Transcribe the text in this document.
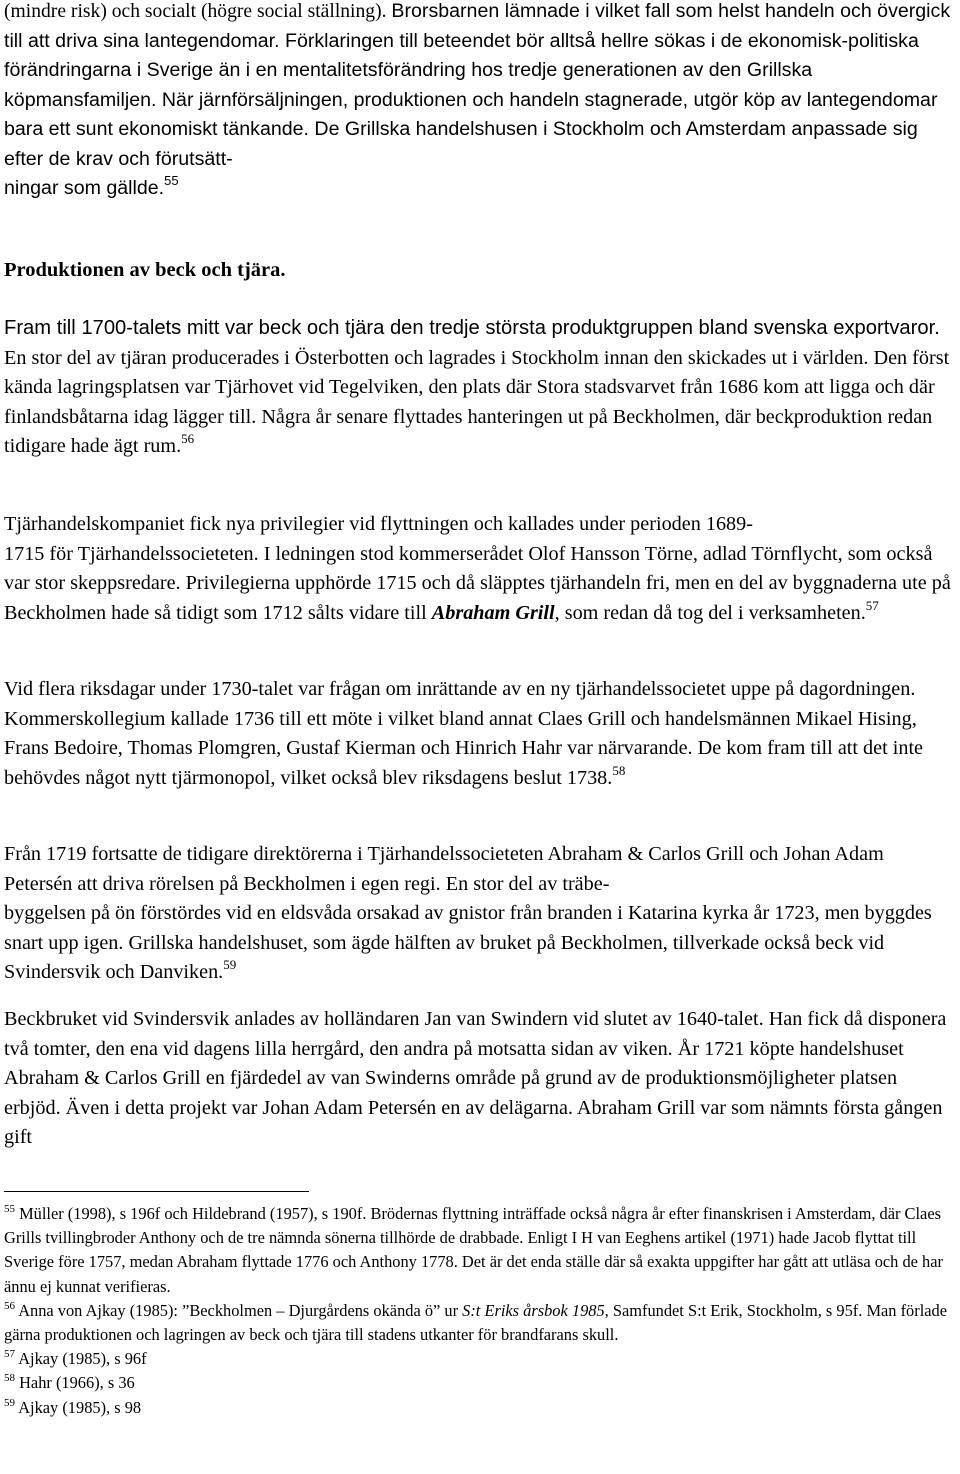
(mindre risk) och socialt (högre social ställning). Brorsbarnen lämnade i vilket fall som helst handeln och övergick till att driva sina lantegendomar. Förklaringen till beteendet bör alltså hellre sökas i de ekonomisk-politiska förändringarna i Sverige än i en mentalitetsförändring hos tredje generationen av den Grillska köpmansfamiljen. När järnförsäljningen, produktionen och handeln stagnerade, utgör köp av lantegendomar bara ett sunt ekonomiskt tänkande. De Grillska handelshusen i Stockholm och Amsterdam anpassade sig efter de krav och förutsätt-
ningar som gällde.$^{55}$

Produktionen av beck och tjära.

Fram till 1700-talets mitt var beck och tjära den tredje största produktgruppen bland svenska exportvaror. En stor del av tjäran producerades i Österbotten och lagrades i Stockholm innan den skickades ut i världen. Den först kända lagringsplatsen var Tjärhovet vid Tegelviken, den plats där Stora stadsvarvet från 1686 kom att ligga och där finlandsbåtarna idag lägger till. Några år senare flyttades hanteringen ut på Beckholmen, där beckproduktion redan tidigare hade ägt rum.$^{56}$

Tjärhandelskompaniet fick nya privilegier vid flyttningen och kallades under perioden 1689-
1715 för Tjärhandelssocieteten. I ledningen stod kommerserådet Olof Hansson Törne, adlad Törnflycht, som också var stor skeppsredare. Privilegierna upphörde 1715 och då släpptes tjärhandeln fri, men en del av byggnaderna ute på Beckholmen hade så tidigt som 1712 sålts vidare till Abraham Grill, som redan då tog del i verksamheten.$^{57}$

Vid flera riksdagar under 1730-talet var frågan om inrättande av en ny tjärhandelssocietet uppe på dagordningen. Kommerskollegium kallade 1736 till ett möte i vilket bland annat Claes Grill och handelsmännen Mikael Hising, Frans Bedoire, Thomas Plomgren, Gustaf Kierman och Hinrich Hahr var närvarande. De kom fram till att det inte behövdes något nytt tjärmonopol, vilket också blev riksdagens beslut 1738.58

Från 1719 fortsatte de tidigare direktörerna i Tjärhandelssocieteten Abraham & Carlos Grill och Johan Adam Petersén att driva rörelsen på Beckholmen i egen regi. En stor del av träbe-
byggelsen på ön förstördes vid en eldsvåda orsakad av gnistor från branden i Katarina kyrka år 1723, men byggdes snart upp igen. Grillska handelshuset, som ägde hälften av bruket på Beckholmen, tillverkade också beck vid Svindersvik och Danviken.$^{59}$

Beckbruket vid Svindersvik anlades av holländaren Jan van Swindern vid slutet av 1640-talet. Han fick då disponera två tomter, den ena vid dagens lilla herrgård, den andra på motsatta sidan av viken. År 1721 köpte handelshuset Abraham & Carlos Grill en fjärdedel av van Swinderns område på grund av de produktionsmöjligheter platsen erbjöd. Även i detta projekt var Johan Adam Petersén en av delägarna. Abraham Grill var som nämnts första gången gift

$^{55}$ Müller (1998), s 196f och Hildebrand (1957), s 190f. Brödernas flyttning inträffade också några år efter finanskrisen i Amsterdam, där Claes Grills tvillingbroder Anthony och de tre nämnda sönerna tillhörde de drabbade. Enligt I H van Eeghens artikel (1971) hade Jacob flyttat till Sverige före 1757, medan Abraham flyttade 1776 och Anthony 1778. Det är det enda ställe där så exakta uppgifter har gått att utläsa och de har ännu ej kunnat verifieras.

$^{56}$ Anna von Ajkay (1985): ”Beckholmen – Djurgårdens okända ö” ur S:t Eriks årsbok 1985, Samfundet S:t Erik, Stockholm, s 95f. Man förlade gärna produktionen och lagringen av beck och tjära till stadens utkanter för brandfarans skull.

$^{57}$ Ajkay (1985), s 96f

$^{58}$ Hahr (1966), s 36

$^{59}$ Ajkay (1985), s 98
